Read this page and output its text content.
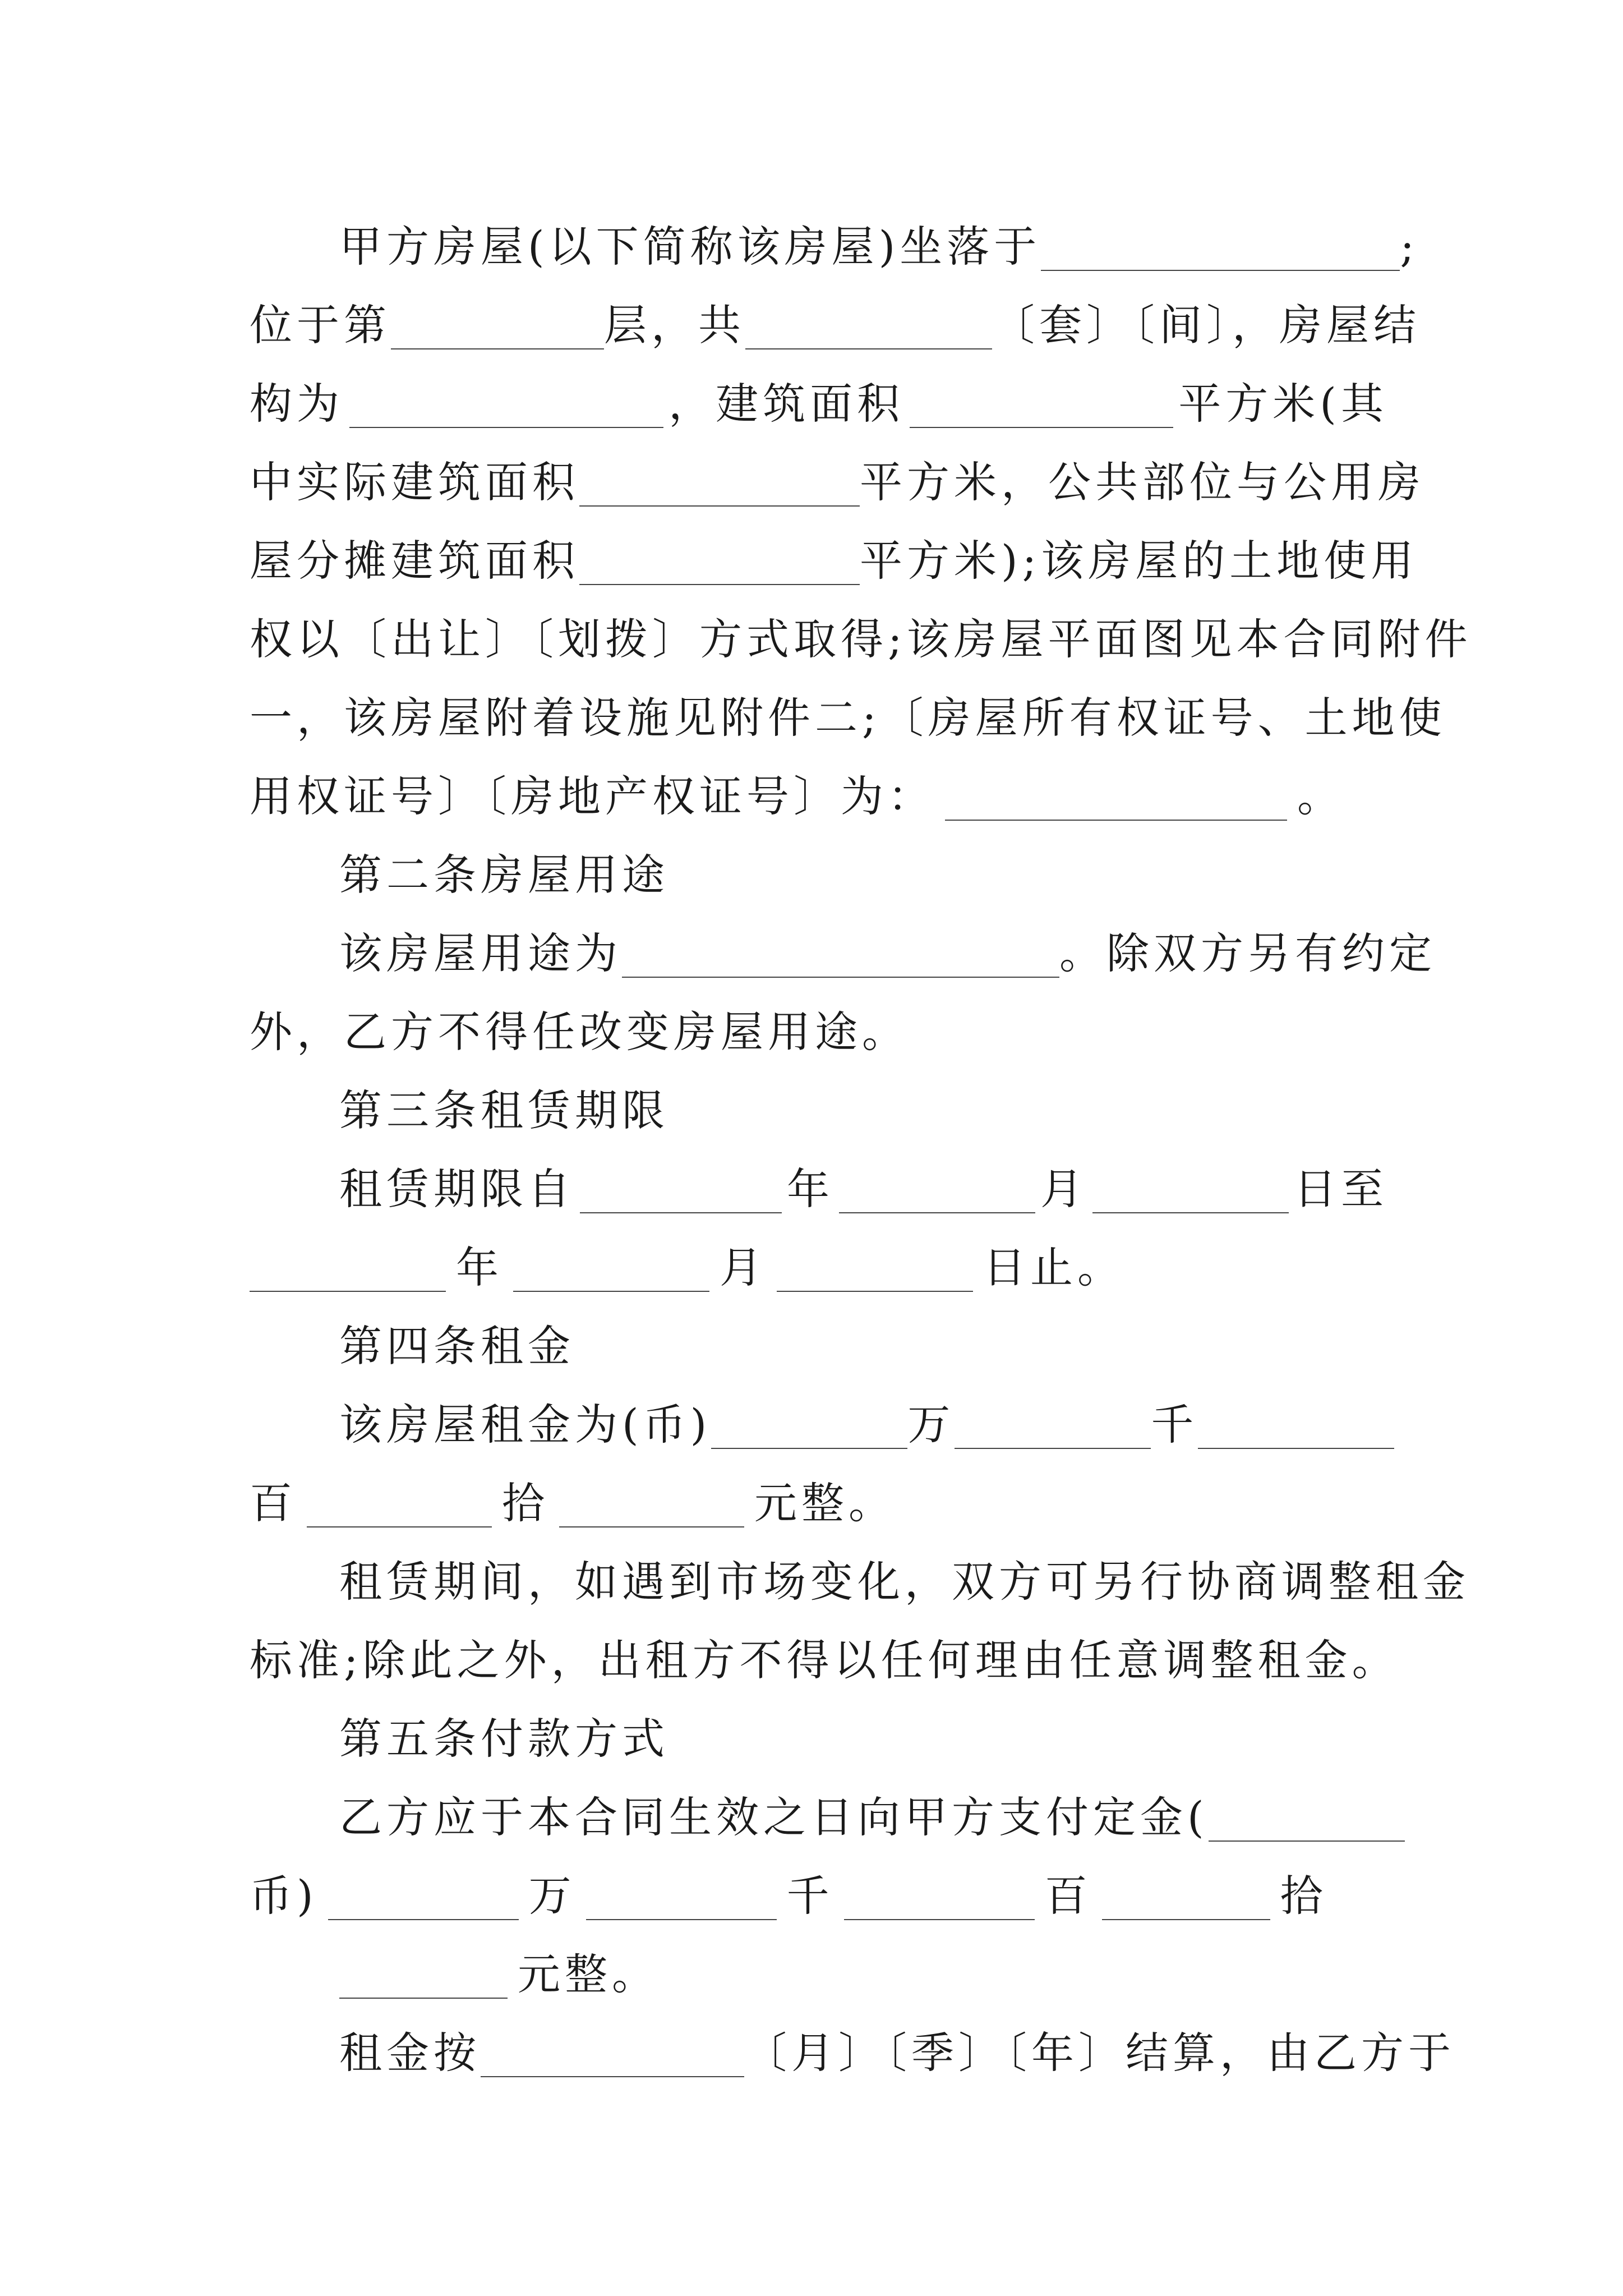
甲方房屋(以下简称该房屋)坐落于	;
位于第	层，共	〔套〕〔间〕，房屋结
构为	，建筑面积	平方米(其
中实际建筑面积	平方米，公共部位与公用房
屋分摊建筑面积	平方米);该房屋的土地使用
权以〔出让〕〔划拨〕方式取得;该房屋平面图见本合同附件
一，该房屋附着设施见附件二;〔房屋所有权证号、土地使
用权证号〕〔房地产权证号〕为：	。
第二条房屋用途
该房屋用途为	。除双方另有约定
外，乙方不得任改变房屋用途。
第三条租赁期限
租赁期限自	年	月	日至
年	月	日止。
第四条租金
该房屋租金为(币)	万	千
百	拾	元整。
租赁期间，如遇到市场变化，双方可另行协商调整租金
标准;除此之外，出租方不得以任何理由任意调整租金。
第五条付款方式
乙方应于本合同生效之日向甲方支付定金(
币)	万	千	百	拾
元整。
租金按	〔月〕〔季〕〔年〕结算，由乙方于
